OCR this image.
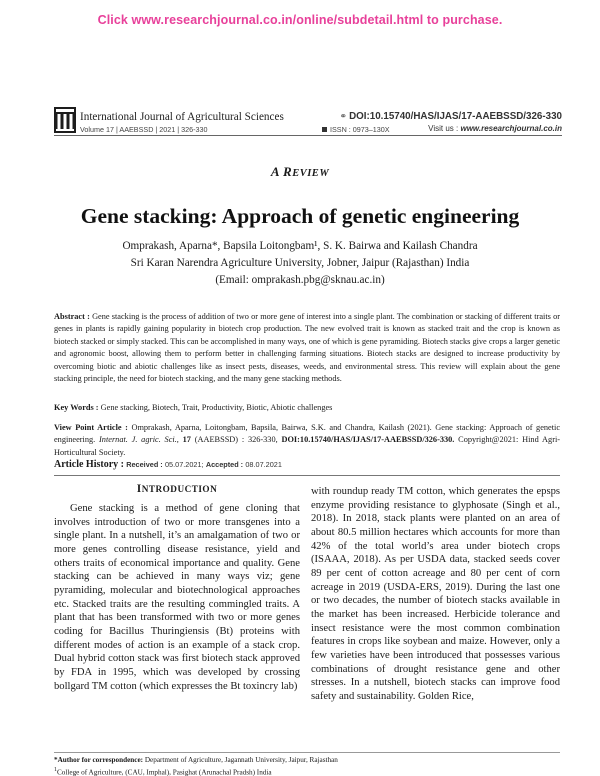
Click www.researchjournal.co.in/online/subdetail.html to purchase.
International Journal of Agricultural Sciences	⚭ DOI:10.15740/HAS/IJAS/17-AAEBSSD/326-330
Volume 17 | AAEBSSD | 2021 | 326-330	ISSN : 0973–130X	Visit us : www.researchjournal.co.in
A REVIEW
Gene stacking: Approach of genetic engineering
Omprakash, Aparna*, Bapsila Loitongbam¹, S. K. Bairwa and Kailash Chandra
Sri Karan Narendra Agriculture University, Jobner, Jaipur (Rajasthan) India
(Email: omprakash.pbg@sknau.ac.in)
Abstract : Gene stacking is the process of addition of two or more gene of interest into a single plant. The combination or stacking of different traits or genes in plants is rapidly gaining popularity in biotech crop production. The new evolved trait is known as stacked trait and the crop is known as biotech stacked or simply stacked. This can be accomplished in many ways, one of which is gene pyramiding. Biotech stacks give crops a larger genetic and agronomic boost, allowing them to perform better in challenging farming situations. Biotech stacks are designed to increase productivity by overcoming biotic and abiotic challenges like as insect pests, diseases, weeds, and environmental stress. This review will explain about the gene stacking principle, the need for biotech stacking, and the many gene stacking methods.
Key Words : Gene stacking, Biotech, Trait, Productivity, Biotic, Abiotic challenges
View Point Article : Omprakash, Aparna, Loitongbam, Bapsila, Bairwa, S.K. and Chandra, Kailash (2021). Gene stacking: Approach of genetic engineering. Internat. J. agric. Sci., 17 (AAEBSSD) : 326-330, DOI:10.15740/HAS/IJAS/17-AAEBSSD/326-330. Copyright@2021: Hind Agri-Horticultural Society.
Article History : Received : 05.07.2021; Accepted : 08.07.2021
INTRODUCTION

Gene stacking is a method of gene cloning that involves introduction of two or more transgenes into a single plant. In a nutshell, it’s an amalgamation of two or more genes controlling disease resistance, yield and others traits of economical importance and quality. Gene stacking can be achieved in many ways viz; gene pyramiding, molecular and biotechnological approaches etc. Stacked traits are the resulting commingled traits. A plant that has been transformed with two or more genes coding for Bacillus Thuringiensis (Bt) proteins with different modes of action is an example of a stack crop. Dual hybrid cotton stack was first biotech stack approved by FDA in 1995, which was developed by crossing bollgard TM cotton (which expresses the Bt toxincry lab)

with roundup ready TM cotton, which generates the epsps enzyme providing resistance to glyphosate (Singh et al., 2018). In 2018, stack plants were planted on an area of about 80.5 million hectares which accounts for more than 42% of the total world’s area under biotech crops (ISAAA, 2018). As per USDA data, stacked seeds cover 89 per cent of cotton acreage and 80 per cent of corn acreage in 2019 (USDA-ERS, 2019). During the last one or two decades, the number of biotech stacks available in the market has been increased. Herbicide tolerance and insect resistance were the most common combination features in crops like soybean and maize. However, only a few varieties have been introduced that possesses various combinations of drought resistance gene and other stresses. In a nutshell, biotech stacks can improve food safety and sustainability. Golden Rice,

*Author for correspondence: Department of Agriculture, Jagannath University, Jaipur, Rajasthan
$^1$College of Agriculture, (CAU, Imphal), Pasighat (Arunachal Pradsh) India
